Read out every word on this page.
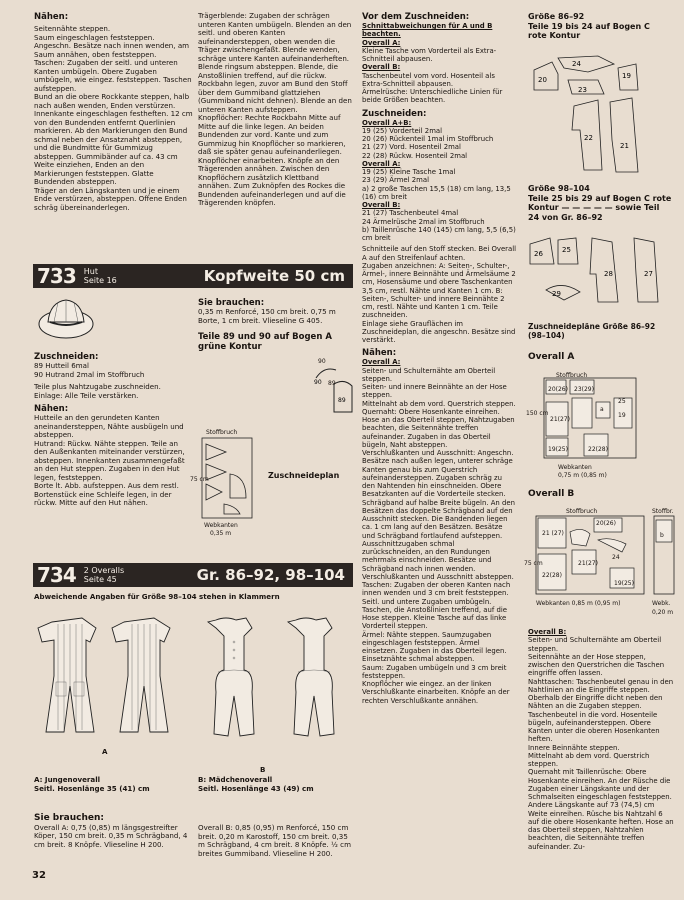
Nähen:

Seitennähte steppen.

Saum eingeschlagen feststeppen.

Angeschn. Besätze nach innen wenden, am Saum annähen, oben feststeppen.

Taschen: Zugaben der seitl. und unteren Kanten umbügeln. Obere Zugaben umbügeln, wie eingez. feststeppen. Taschen aufsteppen.

Bund an die obere Rockkante steppen, halb nach außen wenden, Enden verstürzen. Innenkante eingeschlagen festheften. 12 cm von den Bundenden entfernt Querlinien markieren. Ab den Markierungen den Bund schmal neben der Ansatznaht absteppen, und die Bundmitte für Gummizug absteppen. Gummibänder auf ca. 43 cm Weite einziehen, Enden an den Markierungen feststeppen. Glatte Bundenden absteppen.

Träger an den Längskanten und je einem Ende verstürzen, absteppen. Offene Enden schräg übereinanderlegen.

Trägerblende: Zugaben der schrägen unteren Kanten umbügeln. Blenden an den seitl. und oberen Kanten aufeinandersteppen, oben wenden die Träger zwischengefaßt. Blende wenden, schräge untere Kanten aufeinanderheften. Blende ringsum absteppen. Blende, die Anstoßlinien treffend, auf die rückw. Rockbahn legen, zuvor am Bund den Stoff über dem Gummiband glattziehen (Gummiband nicht dehnen). Blende an den unteren Kanten aufsteppen.

Knopflöcher: Rechte Rockbahn Mitte auf Mitte auf die linke legen. An beiden Bundenden zur vord. Kante und zum Gummizug hin Knopflöcher so markieren, daß sie später genau aufeinanderliegen. Knopflöcher einarbeiten. Knöpfe an den Trägerenden annähen. Zwischen den Knopflöchern zusätzlich Klettband annähen. Zum Zuknöpfen des Rockes die Bundenden aufeinanderlegen und auf die Trägerenden knöpfen.

733 Hut
Seite 16	Kopfweite 50 cm

Zuschneiden:

89 Hutteil 6mal

90 Hutrand 2mal im Stoffbruch

Teile plus Nahtzugabe zuschneiden.

Einlage: Alle Teile verstärken.

Nähen:

Hutteile an den gerundeten Kanten aneinandersteppen, Nähte ausbügeln und absteppen.

Hutrand: Rückw. Nähte steppen. Teile an den Außenkanten miteinander verstürzen, absteppen. Innenkanten zusammengefaßt an den Hut steppen. Zugaben in den Hut legen, feststeppen.

Borte lt. Abb. aufsteppen. Aus dem restl. Bortenstück eine Schleife legen, in der rückw. Mitte auf den Hut nähen.

Sie brauchen:

0,35 m Renforcé, 150 cm breit. 0,75 m Borte, 1 cm breit. Vlieseline G 405.

Teile 89 und 90 auf Bogen A grüne Kontur

90
89
90
89
Stoffbruch
75 cm	Zuschneideplan
Webkanten
0,35 m
734 2 Overalls
Seite 45	Gr. 86–92, 98–104
Abweichende Angaben für Größe 98–104 stehen in Klammern
A
B
A: Jungenoverall
Seitl. Hosenlänge 35 (41) cm
B: Mädchenoverall
Seitl. Hosenlänge 43 (49) cm

Sie brauchen:

Overall A: 0,75 (0,85) m längsgestreifter Köper, 150 cm breit. 0,35 m Schrägband, 4 cm breit. 8 Knöpfe. Vlieseline H 200.

Overall B: 0,85 (0,95) m Renforcé, 150 cm breit. 0,20 m Karostoff, 150 cm breit. 0,35 m Schrägband, 4 cm breit. 8 Knöpfe. ½ cm breites Gummiband. Vlieseline H 200.

32

Vor dem Zuschneiden:

Schnittabweichungen für A und B beachten.

Overall A:

Kleine Tasche vom Vorderteil als Extra-Schnitteil abpausen.

Overall B:

Taschenbeutel vom vord. Hosenteil als Extra-Schnitteil abpausen.

Ärmelrüsche: Unterschiedliche Linien für beide Größen beachten.

Zuschneiden:

Overall A+B:

19 (25) Vorderteil 2mal

20 (26) Rückenteil 1mal im Stoffbruch

21 (27) Vord. Hosenteil 2mal

22 (28) Rückw. Hosenteil 2mal

Overall A:

19 (25) Kleine Tasche 1mal

23 (29) Ärmel 2mal

a) 2 große Taschen 15,5 (18) cm lang, 13,5 (16) cm breit

Overall B:

21 (27) Taschenbeutel 4mal

24 Ärmelrüsche 2mal im Stoffbruch

b) Taillenrüsche 140 (145) cm lang, 5,5 (6,5) cm breit

Schnitteile auf den Stoff stecken. Bei Overall A auf den Streifenlauf achten.

Zugaben anzeichnen: A: Seiten-, Schulter-, Ärmel-, innere Beinnähte und Ärmelsäume 2 cm, Hosensäume und obere Taschenkanten 3,5 cm, restl. Nähte und Kanten 1 cm. B: Seiten-, Schulter- und innere Beinnähte 2 cm, restl. Nähte und Kanten 1 cm. Teile zuschneiden.

Einlage siehe Grauflächen im Zuschneideplan, die angeschn. Besätze sind verstärkt.

Nähen:

Overall A:

Seiten- und Schulternähte am Oberteil steppen.

Seiten- und innere Beinnähte an der Hose steppen.

Mittelnaht ab dem vord. Querstrich steppen.

Quernaht: Obere Hosenkante einreihen. Hose an das Oberteil steppen, Nahtzugaben beachten, die Seitennähte treffen aufeinander. Zugaben in das Oberteil bügeln, Naht absteppen.

Verschlußkanten und Ausschnitt: Angeschn. Besätze nach außen legen, unterer schräge Kanten genau bis zum Querstrich aufeinandersteppen. Zugaben schräg zu den Nahtenden hin einschneiden. Obere Besatzkanten auf die Vorderteile stecken. Schrägband auf halbe Breite bügeln. An den Besätzen das doppelte Schrägband auf den Ausschnitt stecken. Die Bandenden liegen ca. 1 cm lang auf den Besätzen. Besätze und Schrägband fortlaufend aufsteppen. Ausschnittzugaben schmal zurückschneiden, an den Rundungen mehrmals einschneiden. Besätze und Schrägband nach innen wenden. Verschlußkanten und Ausschnitt absteppen.

Taschen: Zugaben der oberen Kanten nach innen wenden und 3 cm breit feststeppen. Seitl. und untere Zugaben umbügeln. Taschen, die Anstoßlinien treffend, auf die Hose steppen. Kleine Tasche auf das linke Vorderteil steppen.

Ärmel: Nähte steppen. Saumzugaben eingeschlagen feststeppen. Ärmel einsetzen. Zugaben in das Oberteil legen. Einsetznähte schmal absteppen.

Saum: Zugaben umbügeln und 3 cm breit feststeppen.

Knopflöcher wie eingez. an der linken Verschlußkante einarbeiten. Knöpfe an der rechten Verschlußkante annähen.

Größe 86–92
Teile 19 bis 24 auf Bogen C rote Kontur
20
24
23
19
22
21
Größe 98–104
Teile 25 bis 29 auf Bogen C rote Kontur — — — — — sowie Teil 24 von Gr. 86–92
26	25
28	27
29
Zuschneidepläne Größe 86–92 (98–104)
Overall A
Stoffbruch
150 cm
20(26) 23(29)
a
21(27)
25
19
19(25)	22(28)
Webkanten
0,75 m (0,85 m)
Overall B
Stoffbruch	Stoffbr.
75 cm
20(26)
21 (27)
22(28)
21(27)
24
19(25)
b
Webkanten 0,85 m (0,95 m)	Webk. 0,20 m

Overall B:

Seiten- und Schulternähte am Oberteil steppen.

Seitennähte an der Hose steppen, zwischen den Querstrichen die Taschen eingriffe offen lassen.

Nahttaschen: Taschenbeutel genau in den Nahtlinien an die Eingriffe steppen. Oberhalb der Eingriffe dicht neben den Nähten an die Zugaben steppen. Taschenbeutel in die vord. Hosenteile bügeln, aufeinandersteppen. Obere Kanten unter die oberen Hosenkanten heften.

Innere Beinnähte steppen.

Mittelnaht ab dem vord. Querstrich steppen.

Quernaht mit Taillenrüsche: Obere Hosenkante einreihen. An der Rüsche die Zugaben einer Längskante und der Schmalseiten eingeschlagen feststeppen. Andere Längskante auf 73 (74,5) cm Weite einreihen. Rüsche bis Nahtzahl 6 auf die obere Hosenkante heften. Hose an das Oberteil steppen, Nahtzahlen beachten, die Seitennähte treffen aufeinander. Zu-
